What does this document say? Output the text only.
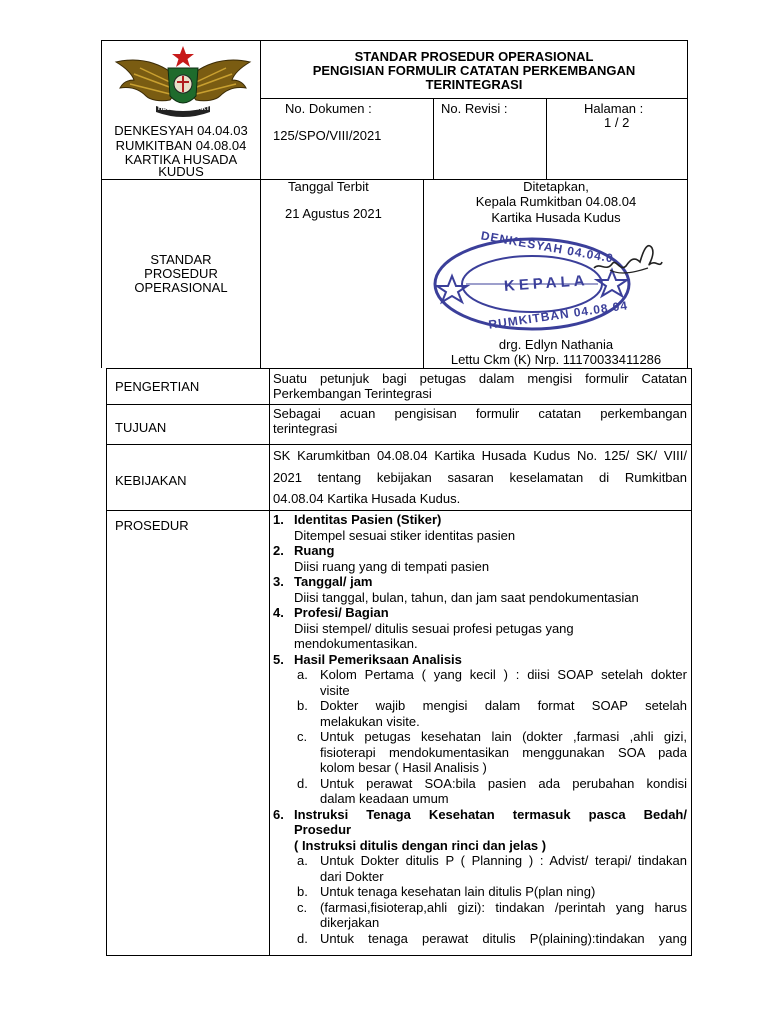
HESTI WIRASAKTI
DENKESYAH 04.04.03
RUMKITBAN 04.08.04
KARTIKA HUSADA
KUDUS
STANDAR PROSEDUR OPERASIONAL
PENGISIAN FORMULIR CATATAN PERKEMBANGAN
TERINTEGRASI
No. Dokumen :
125/SPO/VIII/2021
No. Revisi :	Halaman :
1 / 2
STANDAR
PROSEDUR
OPERASIONAL
Tanggal Terbit
21 Agustus 2021
Ditetapkan,
Kepala Rumkitban 04.08.04
Kartika Husada Kudus
DENKESYAH 04.04.0
KEPALA
RUMKITBAN 04.08.04
drg. Edlyn Nathania
Lettu Ckm (K) Nrp. 11170033411286
PENGERTIAN
TUJUAN
KEBIJAKAN
PROSEDUR
Suatu petunjuk bagi petugas dalam mengisi formulir Catatan
Perkembangan Terintegrasi
Sebagai acuan pengisisan formulir catatan perkembangan
terintegrasi
SK Karumkitban 04.08.04 Kartika Husada Kudus No. 125/ SK/ VIII/
2021 tentang kebijakan sasaran keselamatan di Rumkitban
04.08.04 Kartika Husada Kudus.
1. Identitas Pasien (Stiker)
Ditempel sesuai stiker identitas pasien
2. Ruang
Diisi ruang yang di tempati pasien
3. Tanggal/ jam
Diisi tanggal, bulan, tahun, dan jam saat pendokumentasian
4. Profesi/ Bagian
Diisi stempel/ ditulis sesuai profesi petugas yang
mendokumentasikan.
5. Hasil Pemeriksaan Analisis
a. Kolom Pertama ( yang kecil ) : diisi SOAP setelah dokter
visite
b. Dokter wajib mengisi dalam format SOAP setelah
melakukan visite.
c. Untuk petugas kesehatan lain (dokter ,farmasi ,ahli gizi,
fisioterapi mendokumentasikan menggunakan SOA pada
kolom besar ( Hasil Analisis )
d. Untuk perawat SOA:bila pasien ada perubahan kondisi
dalam keadaan umum
6. Instruksi Tenaga Kesehatan termasuk pasca Bedah/
Prosedur
( Instruksi ditulis dengan rinci dan jelas )
a. Untuk Dokter ditulis P ( Planning ) : Advist/ terapi/ tindakan
dari Dokter
b. Untuk tenaga kesehatan lain ditulis P(plan ning)
c. (farmasi,fisioterap,ahli gizi): tindakan /perintah yang harus
dikerjakan
d. Untuk tenaga perawat ditulis P(plaining):tindakan yang
